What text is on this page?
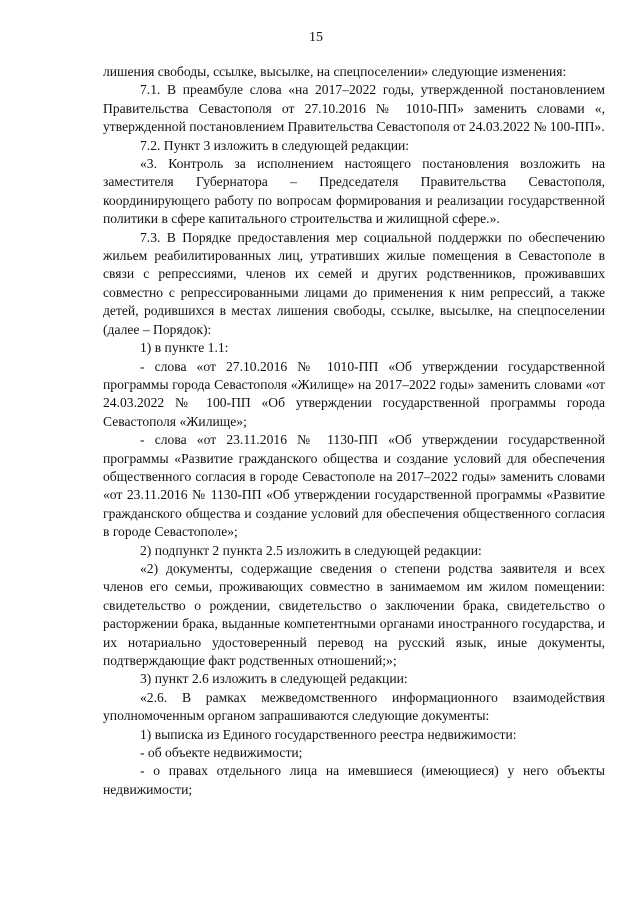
15

лишения свободы, ссылке, высылке, на спецпоселении» следующие изменения:

7.1. В преамбуле слова «на 2017–2022 годы, утвержденной постановлением Правительства Севастополя от 27.10.2016 № 1010-ПП» заменить словами «, утвержденной постановлением Правительства Севастополя от 24.03.2022 № 100-ПП».

7.2. Пункт 3 изложить в следующей редакции:

«3. Контроль за исполнением настоящего постановления возложить на заместителя Губернатора – Председателя Правительства Севастополя, координирующего работу по вопросам формирования и реализации государственной политики в сфере капитального строительства и жилищной сфере.».

7.3. В Порядке предоставления мер социальной поддержки по обеспечению жильем реабилитированных лиц, утративших жилые помещения в Севастополе в связи с репрессиями, членов их семей и других родственников, проживавших совместно с репрессированными лицами до применения к ним репрессий, а также детей, родившихся в местах лишения свободы, ссылке, высылке, на спецпоселении (далее – Порядок):

1) в пункте 1.1:

- слова «от 27.10.2016 № 1010-ПП «Об утверждении государственной программы города Севастополя «Жилище» на 2017–2022 годы» заменить словами «от 24.03.2022 № 100-ПП «Об утверждении государственной программы города Севастополя «Жилище»;

- слова «от 23.11.2016 № 1130-ПП «Об утверждении государственной программы «Развитие гражданского общества и создание условий для обеспечения общественного согласия в городе Севастополе на 2017–2022 годы» заменить словами «от 23.11.2016 № 1130-ПП «Об утверждении государственной программы «Развитие гражданского общества и создание условий для обеспечения общественного согласия в городе Севастополе»;

2) подпункт 2 пункта 2.5 изложить в следующей редакции:

«2) документы, содержащие сведения о степени родства заявителя и всех членов его семьи, проживающих совместно в занимаемом им жилом помещении: свидетельство о рождении, свидетельство о заключении брака, свидетельство о расторжении брака, выданные компетентными органами иностранного государства, и их нотариально удостоверенный перевод на русский язык, иные документы, подтверждающие факт родственных отношений;»;

3) пункт 2.6 изложить в следующей редакции:

«2.6. В рамках межведомственного информационного взаимодействия уполномоченным органом запрашиваются следующие документы:

1) выписка из Единого государственного реестра недвижимости:

- об объекте недвижимости;

- о правах отдельного лица на имевшиеся (имеющиеся) у него объекты недвижимости;
